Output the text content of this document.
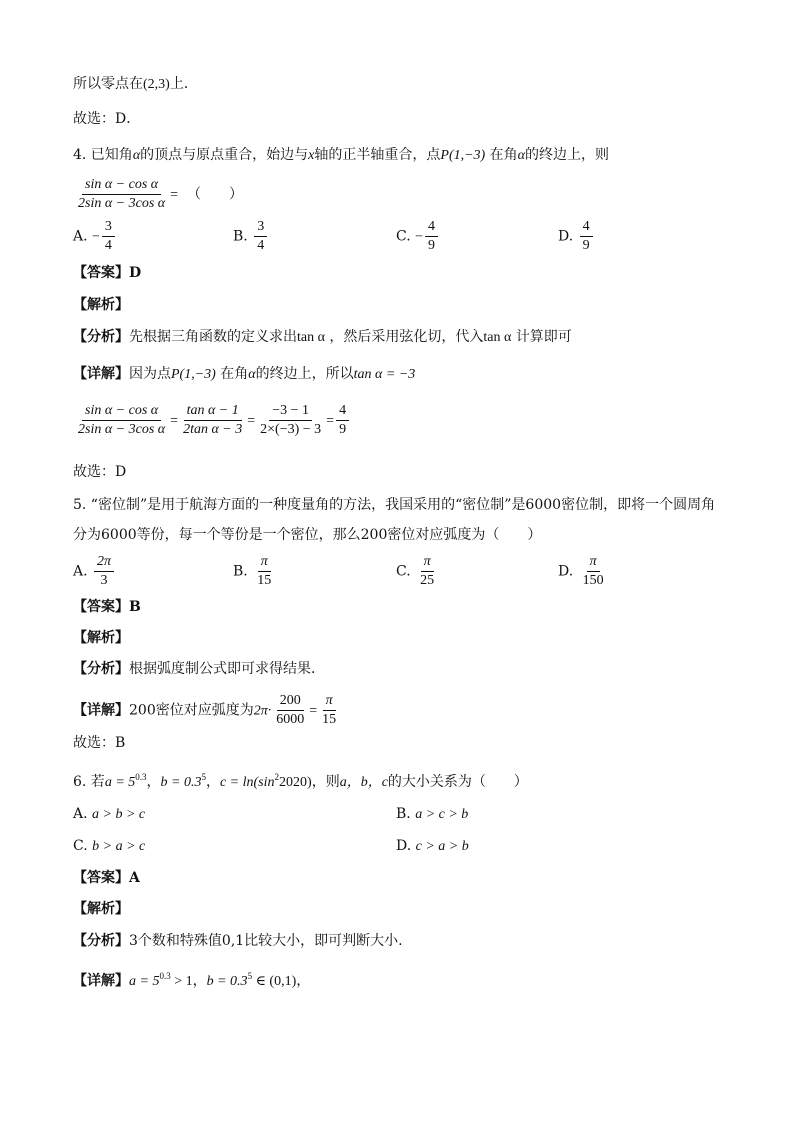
所以零点在(2,3)上．
故选：D．
4. 已知角α的顶点与原点重合，始边与x轴的正半轴重合，点P(1,−3) 在角α的终边上，则
$\frac{\text{sin α − cos α}}{\text{2sin α − 3cos α}}$ = （　　）
A. − $\frac{3}{4}$	B. $\frac{3}{4}$	C. − $\frac{4}{9}$	D. $\frac{4}{9}$
【答案】D
【解析】
【分析】先根据三角函数的定义求出tan α ，然后采用弦化切，代入tan α 计算即可
【详解】因为点P(1,−3) 在角α的终边上，所以tan α = −3
$\frac{\text{sin α − cos α}}{\text{2sin α − 3cos α}} = \frac{\text{tan α − 1}}{\text{2tan α − 3}} = \frac{-3 - 1}{2\times(-3) - 3} = \frac{4}{9}$
故选：D
5. “密位制”是用于航海方面的一种度量角的方法，我国采用的“密位制”是6000密位制，即将一个圆周角
分为6000等份，每一个等份是一个密位，那么200密位对应弧度为（　　）
A. $\frac{2\pi}{3}$	B. $\frac{\pi}{15}$	C. $\frac{\pi}{25}$	D. $\frac{\pi}{150}$
【答案】B
【解析】
【分析】根据弧度制公式即可求得结果．
【详解】200密位对应弧度为$2\pi\cdot \frac{200}{6000} = \frac{\pi}{15}$
故选：B
6. 若$a = 5^{0.3}$，$b = 0.3^5$，$c = \ln(\sin^22020)$，则a，b，c的大小关系为（　　）
A. a > b > c	B. a > c > b
C. b > a > c	D. c > a > b
【答案】A
【解析】
【分析】3个数和特殊值0,1比较大小，即可判断大小.
【详解】$a = 5^{0.3} > 1$，$b = 0.3^5$ ∈ (0,1)，
